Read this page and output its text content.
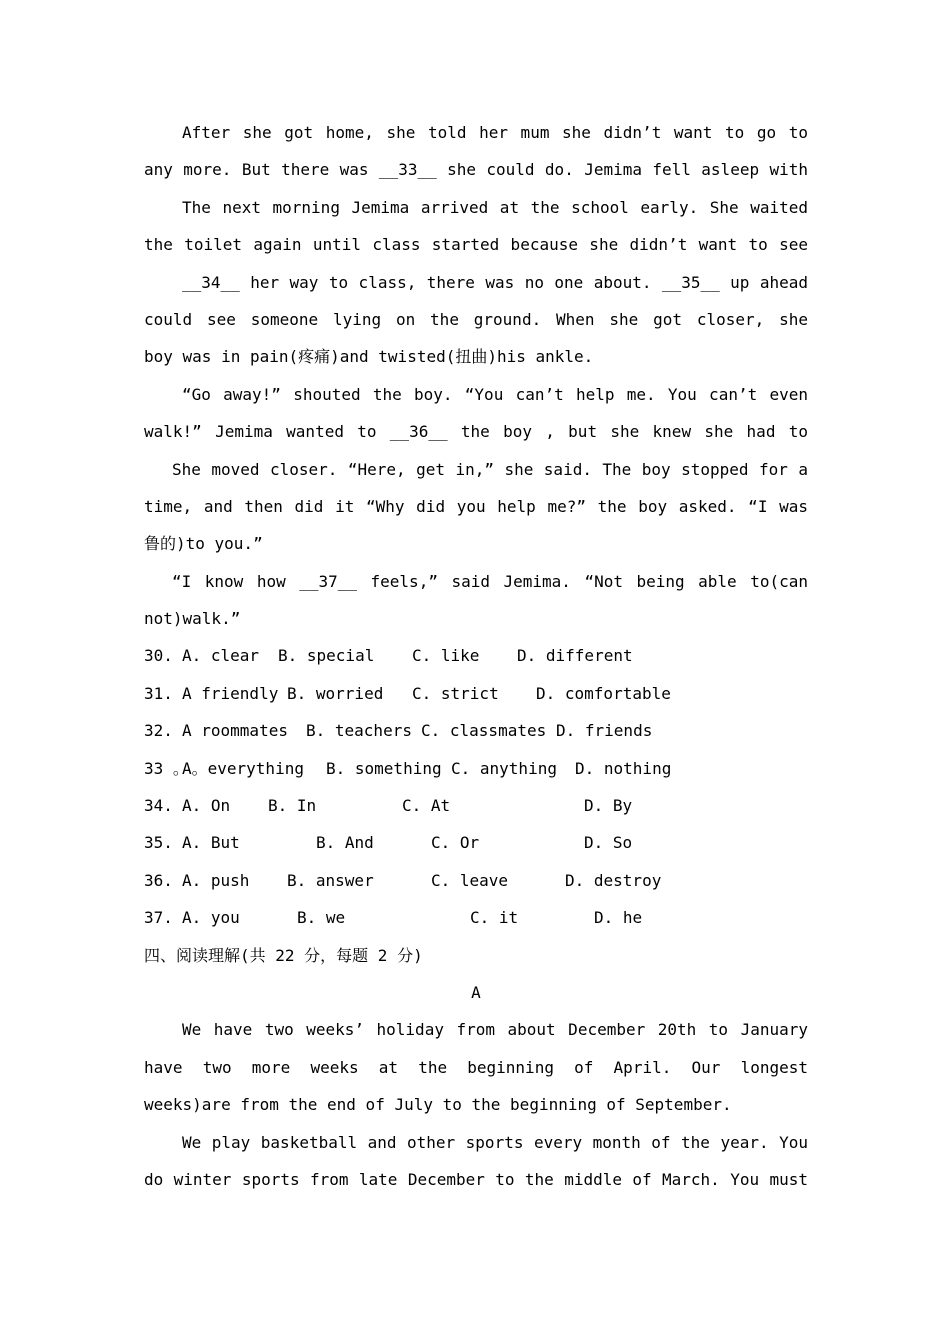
After she got home, she told her mum she didn’t want to go to
any more. But there was __33__ she could do. Jemima fell asleep with
The next morning Jemima arrived at the school early. She waited
the toilet again until class started because she didn’t want to see
__34__ her way to class, there was no one about. __35__ up ahead
could see someone lying on the ground. When she got closer, she
boy was in pain(疼痛)and twisted(扭曲)his ankle.
“Go away!” shouted the boy. “You can’t help me. You can’t even
walk!” Jemima wanted to __36__ the boy , but she knew she had to
She moved closer. “Here, get in,” she said. The boy stopped for a
time, and then did it “Why did you help me?” the boy asked. “I was
鲁的)to you.”
“I know how __37__ feels,” said Jemima. “Not being able to(can
not)walk.”
30. A. clear	B. special	C. like	D. different
31. A friendly B. worried	C. strict	D. comfortable
32. A roommates	B. teachers C. classmates D. friends
33 。
A。everything	B. something C. anything	D. nothing
34. A. On	B. In	C. At	D. By
35. A. But	B. And	C. Or	D. So
36. A. push	B. answer	C. leave	D. destroy
37. A. you	B. we	C. it	D. he
四、阅读理解(共 22 分，每题 2 分)
A
We have two weeks’ holiday from about December 20th to January
have two more weeks at the beginning of April. Our longest
weeks)are from the end of July to the beginning of September.
We play basketball and other sports every month of the year. You
do winter sports from late December to the middle of March. You must
